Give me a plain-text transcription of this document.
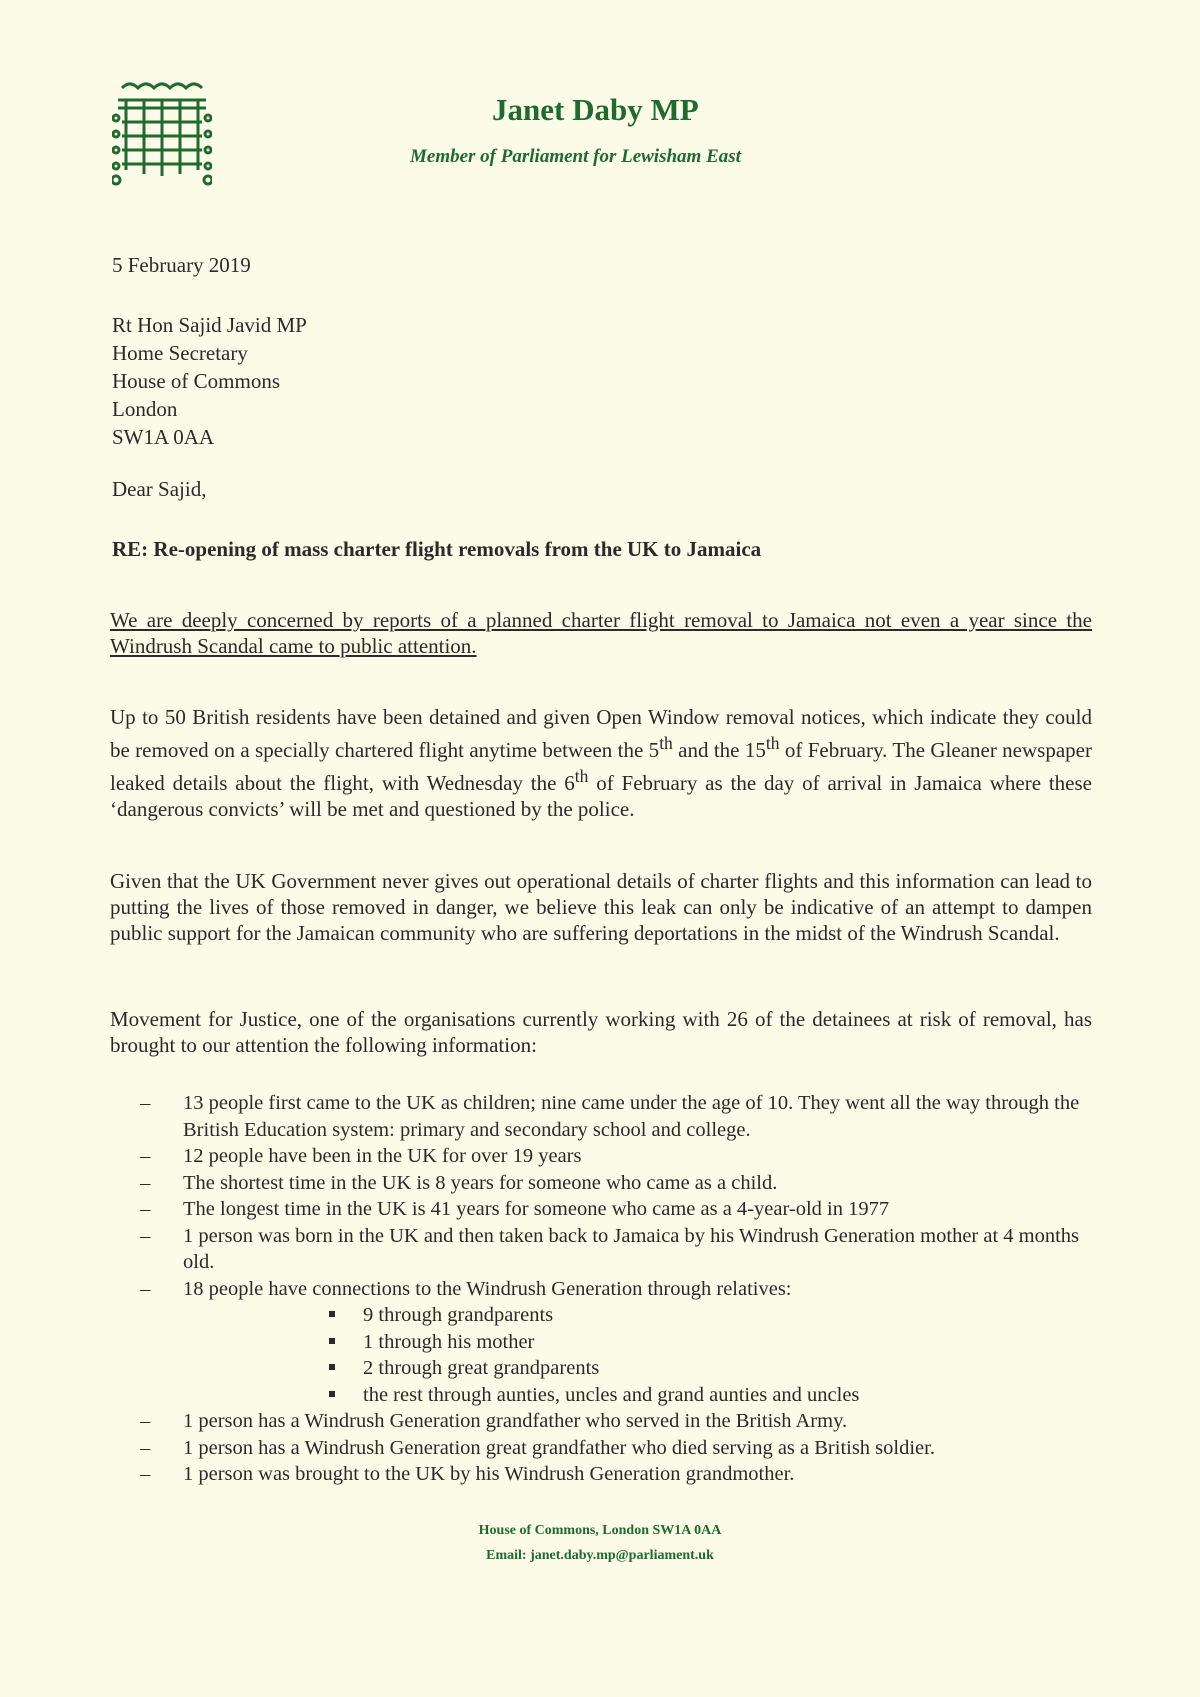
Janet Daby MP
Member of Parliament for Lewisham East
5 February 2019
Rt Hon Sajid Javid MP
Home Secretary
House of Commons
London
SW1A 0AA
Dear Sajid,
RE: Re-opening of mass charter flight removals from the UK to Jamaica
We are deeply concerned by reports of a planned charter flight removal to Jamaica not even a year since the Windrush Scandal came to public attention.
Up to 50 British residents have been detained and given Open Window removal notices, which indicate they could be removed on a specially chartered flight anytime between the 5th and the 15th of February. The Gleaner newspaper leaked details about the flight, with Wednesday the 6th of February as the day of arrival in Jamaica where these ‘dangerous convicts’ will be met and questioned by the police.
Given that the UK Government never gives out operational details of charter flights and this information can lead to putting the lives of those removed in danger, we believe this leak can only be indicative of an attempt to dampen public support for the Jamaican community who are suffering deportations in the midst of the Windrush Scandal.
Movement for Justice, one of the organisations currently working with 26 of the detainees at risk of removal, has brought to our attention the following information:
– 13 people first came to the UK as children; nine came under the age of 10. They went all the way through the British Education system: primary and secondary school and college.
– 12 people have been in the UK for over 19 years
– The shortest time in the UK is 8 years for someone who came as a child.
– The longest time in the UK is 41 years for someone who came as a 4-year-old in 1977
– 1 person was born in the UK and then taken back to Jamaica by his Windrush Generation mother at 4 months old.
– 18 people have connections to the Windrush Generation through relatives:
9 through grandparents
1 through his mother
2 through great grandparents
the rest through aunties, uncles and grand aunties and uncles
– 1 person has a Windrush Generation grandfather who served in the British Army.
– 1 person has a Windrush Generation great grandfather who died serving as a British soldier.
– 1 person was brought to the UK by his Windrush Generation grandmother.
House of Commons, London SW1A 0AA
Email: janet.daby.mp@parliament.uk
